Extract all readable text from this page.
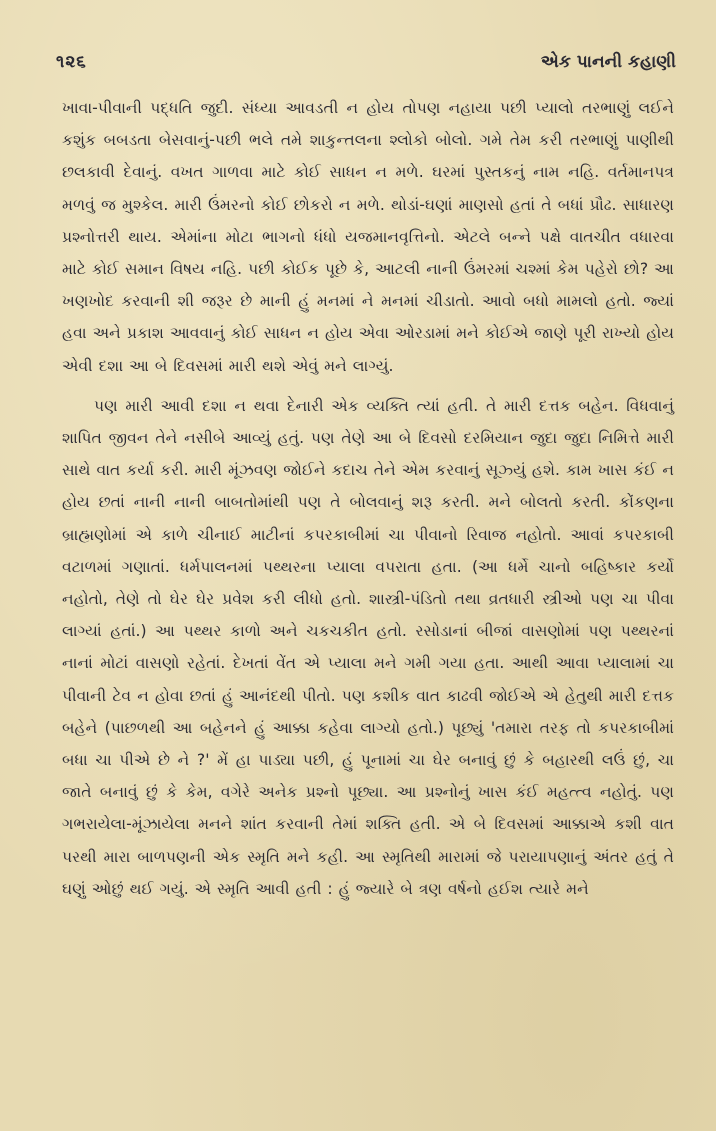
૧૨૬	એક પાનની કહાણી

ખાવા-પીવાની પદ્ધતિ જુદી. સંધ્યા આવડતી ન હોય તોપણ નહાયા પછી પ્યાલો તરભાણું લઈને કશુંક બબડતા બેસવાનું-પછી ભલે તમે શાકુન્તલના શ્લોકો બોલો. ગમે તેમ કરી તરભાણું પાણીથી છલકાવી દેવાનું. વખત ગાળવા માટે કોઈ સાધન ન મળે. ઘરમાં પુસ્તકનું નામ નહિ. વર્તમાનપત્ર મળવું જ મુશ્કેલ. મારી ઉંમરનો કોઈ છોકરો ન મળે. થોડાં-ઘણાં માણસો હતાં તે બધાં પ્રૌઢ. સાધારણ પ્રશ્નોત્તરી થાય. એમાંના મોટા ભાગનો ધંધો યજમાનવૃત્તિનો. એટલે બન્ને પક્ષે વાતચીત વધારવા માટે કોઈ સમાન વિષય નહિ. પછી કોઈક પૂછે કે, આટલી નાની ઉંમરમાં ચશ્માં કેમ પહેરો છો? આ ખણખોદ કરવાની શી જરૂર છે માની હું મનમાં ને મનમાં ચીડાતો. આવો બધો મામલો હતો. જ્યાં હવા અને પ્રકાશ આવવાનું કોઈ સાધન ન હોય એવા ઓરડામાં મને કોઈએ જાણે પૂરી રાખ્યો હોય એવી દશા આ બે દિવસમાં મારી થશે એવું મને લાગ્યું.

પણ મારી આવી દશા ન થવા દેનારી એક વ્યક્તિ ત્યાં હતી. તે મારી દત્તક બહેન. વિધવાનું શાપિત જીવન તેને નસીબે આવ્યું હતું. પણ તેણે આ બે દિવસો દરમિયાન જુદા જુદા નિમિત્તે મારી સાથે વાત કર્યા કરી. મારી મૂંઝવણ જોઈને કદાચ તેને એમ કરવાનું સૂઝ્યું હશે. કામ ખાસ કંઈ ન હોય છતાં નાની નાની બાબતોમાંથી પણ તે બોલવાનું શરૂ કરતી. મને બોલતો કરતી. કોંકણના બ્રાહ્મણોમાં એ કાળે ચીનાઈ માટીનાં કપરકાબીમાં ચા પીવાનો રિવાજ નહોતો. આવાં કપરકાબી વટાળમાં ગણાતાં. ધર્મપાલનમાં પથ્થરના પ્યાલા વપરાતા હતા. (આ ધર્મે ચાનો બહિષ્કાર કર્યો નહોતો, તેણે તો ઘેર ઘેર પ્રવેશ કરી લીધો હતો. શાસ્ત્રી-પંડિતો તથા વ્રતધારી સ્ત્રીઓ પણ ચા પીવા લાગ્યાં હતાં.) આ પથ્થર કાળો અને ચકચકીત હતો. રસોડાનાં બીજાં વાસણોમાં પણ પથ્થરનાં નાનાં મોટાં વાસણો રહેતાં. દેખતાં વેંત એ પ્યાલા મને ગમી ગયા હતા. આથી આવા પ્યાલામાં ચા પીવાની ટેવ ન હોવા છતાં હું આનંદથી પીતો. પણ કશીક વાત કાઢવી જોઈએ એ હેતુથી મારી દત્તક બહેને (પાછળથી આ બહેનને હું આક્કા કહેવા લાગ્યો હતો.) પૂછ્યું 'તમારા તરફ તો કપરકાબીમાં બધા ચા પીએ છે ને ?' મેં હા પાડ્યા પછી, હું પૂનામાં ચા ઘેર બનાવું છું કે બહારથી લઉં છું, ચા જાતે બનાવું છું કે કેમ, વગેરે અનેક પ્રશ્નો પૂછ્યા. આ પ્રશ્નોનું ખાસ કંઈ મહત્ત્વ નહોતું. પણ ગભરાયેલા-મૂંઝાયેલા મનને શાંત કરવાની તેમાં શક્તિ હતી. એ બે દિવસમાં આક્કાએ કશી વાત પરથી મારા બાળપણની એક સ્મૃતિ મને કહી. આ સ્મૃતિથી મારામાં જે પરાયાપણાનું અંતર હતું તે ઘણું ઓછું થઈ ગયું. એ સ્મૃતિ આવી હતી : હું જ્યારે બે ત્રણ વર્ષનો હઈશ ત્યારે મને
